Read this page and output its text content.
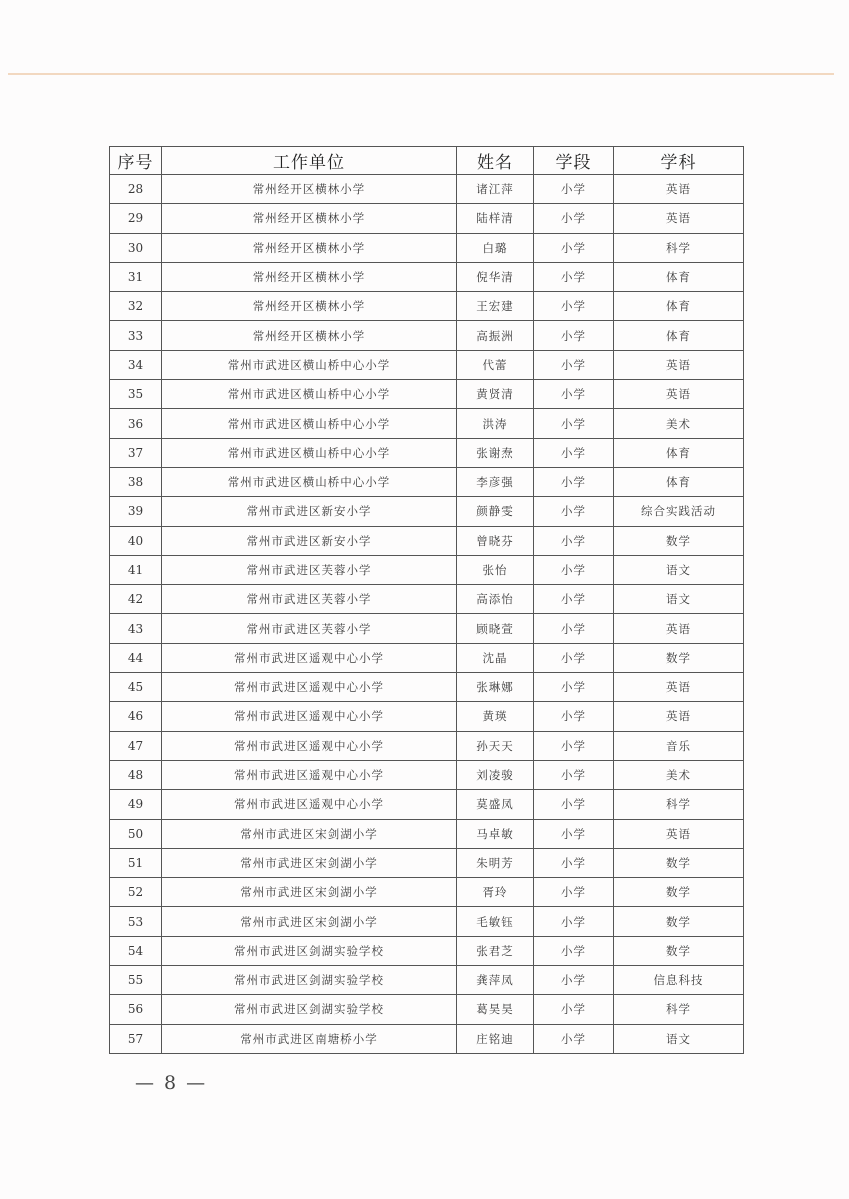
序号	工作单位	姓名	学段	学科
28	常州经开区横林小学	诸江萍	小学	英语
29	常州经开区横林小学	陆样清	小学	英语
30	常州经开区横林小学	白璐	小学	科学
31	常州经开区横林小学	倪华清	小学	体育
32	常州经开区横林小学	王宏建	小学	体育
33	常州经开区横林小学	高振洲	小学	体育
34	常州市武进区横山桥中心小学	代蕾	小学	英语
35	常州市武进区横山桥中心小学	黄贤清	小学	英语
36	常州市武进区横山桥中心小学	洪涛	小学	美术
37	常州市武进区横山桥中心小学	张谢焘	小学	体育
38	常州市武进区横山桥中心小学	李彦强	小学	体育
39	常州市武进区新安小学	颜静雯	小学	综合实践活动
40	常州市武进区新安小学	曾晓芬	小学	数学
41	常州市武进区芙蓉小学	张怡	小学	语文
42	常州市武进区芙蓉小学	高添怡	小学	语文
43	常州市武进区芙蓉小学	顾晓萱	小学	英语
44	常州市武进区遥观中心小学	沈晶	小学	数学
45	常州市武进区遥观中心小学	张琳娜	小学	英语
46	常州市武进区遥观中心小学	黄瑛	小学	英语
47	常州市武进区遥观中心小学	孙天天	小学	音乐
48	常州市武进区遥观中心小学	刘凌骏	小学	美术
49	常州市武进区遥观中心小学	莫盛凤	小学	科学
50	常州市武进区宋剑湖小学	马卓敏	小学	英语
51	常州市武进区宋剑湖小学	朱明芳	小学	数学
52	常州市武进区宋剑湖小学	胥玲	小学	数学
53	常州市武进区宋剑湖小学	毛敏钰	小学	数学
54	常州市武进区剑湖实验学校	张君芝	小学	数学
55	常州市武进区剑湖实验学校	龚萍凤	小学	信息科技
56	常州市武进区剑湖实验学校	葛昊昊	小学	科学
57	常州市武进区南塘桥小学	庄铭迪	小学	语文
— 8 —
